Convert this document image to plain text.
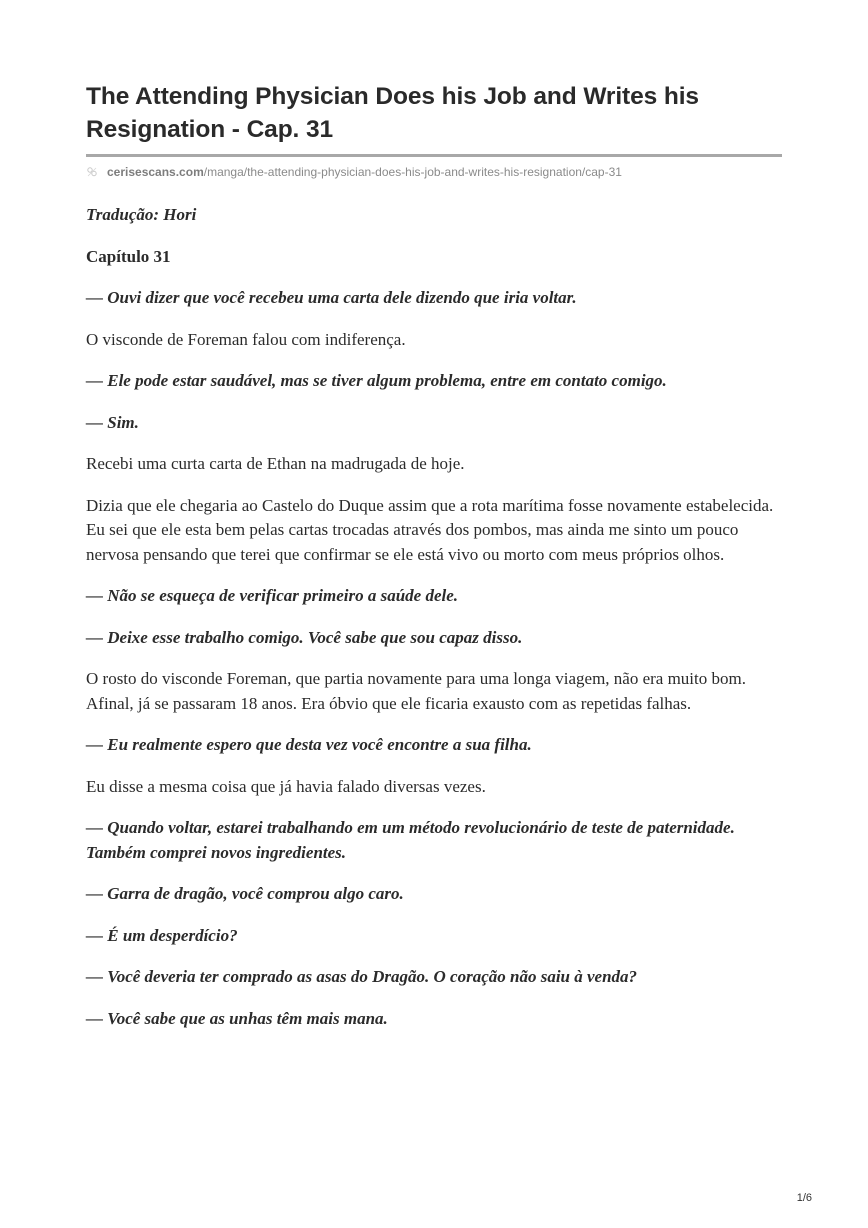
The Attending Physician Does his Job and Writes his Resignation - Cap. 31
cerisescans.com /manga/the-attending-physician-does-his-job-and-writes-his-resignation/cap-31

Tradução: Hori

Capítulo 31

— Ouvi dizer que você recebeu uma carta dele dizendo que iria voltar.

O visconde de Foreman falou com indiferença.

— Ele pode estar saudável, mas se tiver algum problema, entre em contato comigo.

— Sim.

Recebi uma curta carta de Ethan na madrugada de hoje.

Dizia que ele chegaria ao Castelo do Duque assim que a rota marítima fosse novamente estabelecida. Eu sei que ele esta bem pelas cartas trocadas através dos pombos, mas ainda me sinto um pouco nervosa pensando que terei que confirmar se ele está vivo ou morto com meus próprios olhos.

— Não se esqueça de verificar primeiro a saúde dele.

— Deixe esse trabalho comigo. Você sabe que sou capaz disso.

O rosto do visconde Foreman, que partia novamente para uma longa viagem, não era muito bom. Afinal, já se passaram 18 anos. Era óbvio que ele ficaria exausto com as repetidas falhas.

— Eu realmente espero que desta vez você encontre a sua filha.

Eu disse a mesma coisa que já havia falado diversas vezes.

— Quando voltar, estarei trabalhando em um método revolucionário de teste de paternidade. Também comprei novos ingredientes.

— Garra de dragão, você comprou algo caro.

— É um desperdício?

— Você deveria ter comprado as asas do Dragão. O coração não saiu à venda?

— Você sabe que as unhas têm mais mana.

1/6
